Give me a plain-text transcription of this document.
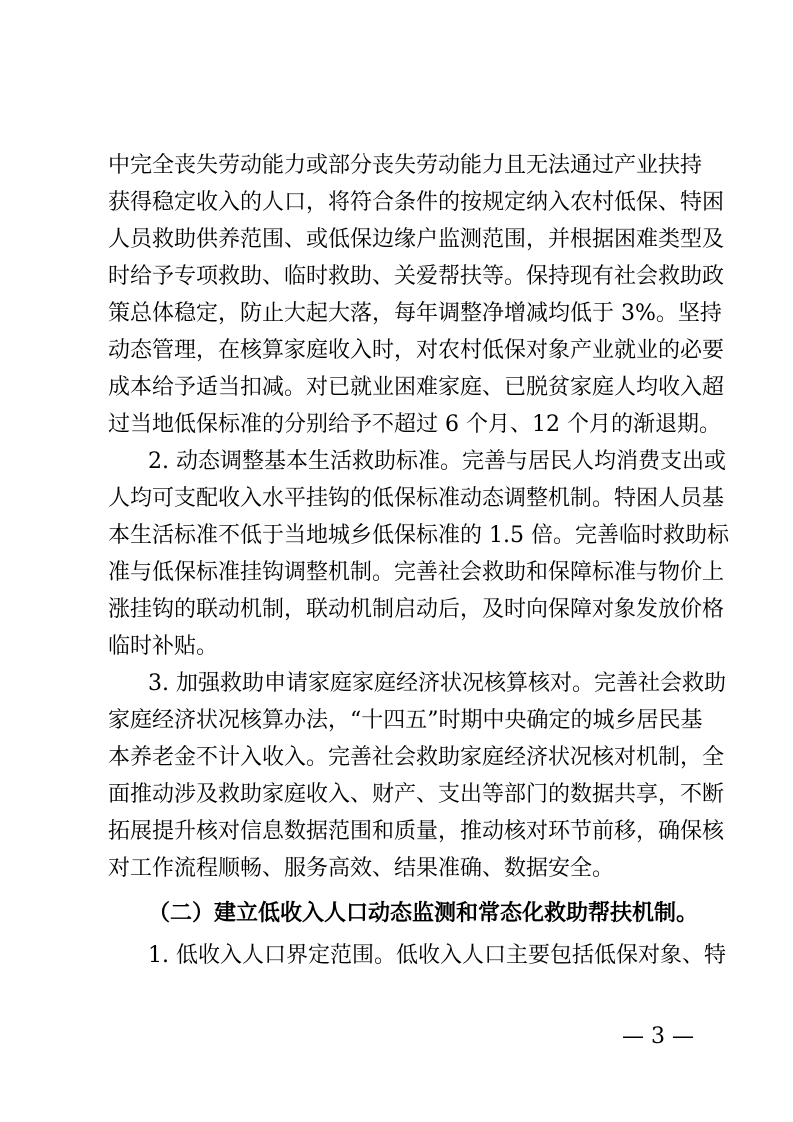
中完全丧失劳动能力或部分丧失劳动能力且无法通过产业扶持
获得稳定收入的人口，将符合条件的按规定纳入农村低保、特困
人员救助供养范围、或低保边缘户监测范围，并根据困难类型及
时给予专项救助、临时救助、关爱帮扶等。保持现有社会救助政
策总体稳定，防止大起大落，每年调整净增减均低于 3%。坚持
动态管理，在核算家庭收入时，对农村低保对象产业就业的必要
成本给予适当扣减。对已就业困难家庭、已脱贫家庭人均收入超
过当地低保标准的分别给予不超过 6 个月、12 个月的渐退期。
2. 动态调整基本生活救助标准。完善与居民人均消费支出或
人均可支配收入水平挂钩的低保标准动态调整机制。特困人员基
本生活标准不低于当地城乡低保标准的 1.5 倍。完善临时救助标
准与低保标准挂钩调整机制。完善社会救助和保障标准与物价上
涨挂钩的联动机制，联动机制启动后，及时向保障对象发放价格
临时补贴。
3. 加强救助申请家庭家庭经济状况核算核对。完善社会救助
家庭经济状况核算办法，“十四五”时期中央确定的城乡居民基
本养老金不计入收入。完善社会救助家庭经济状况核对机制，全
面推动涉及救助家庭收入、财产、支出等部门的数据共享，不断
拓展提升核对信息数据范围和质量，推动核对环节前移，确保核
对工作流程顺畅、服务高效、结果准确、数据安全。
（二）建立低收入人口动态监测和常态化救助帮扶机制。
1. 低收入人口界定范围。低收入人口主要包括低保对象、特
— 3 —
